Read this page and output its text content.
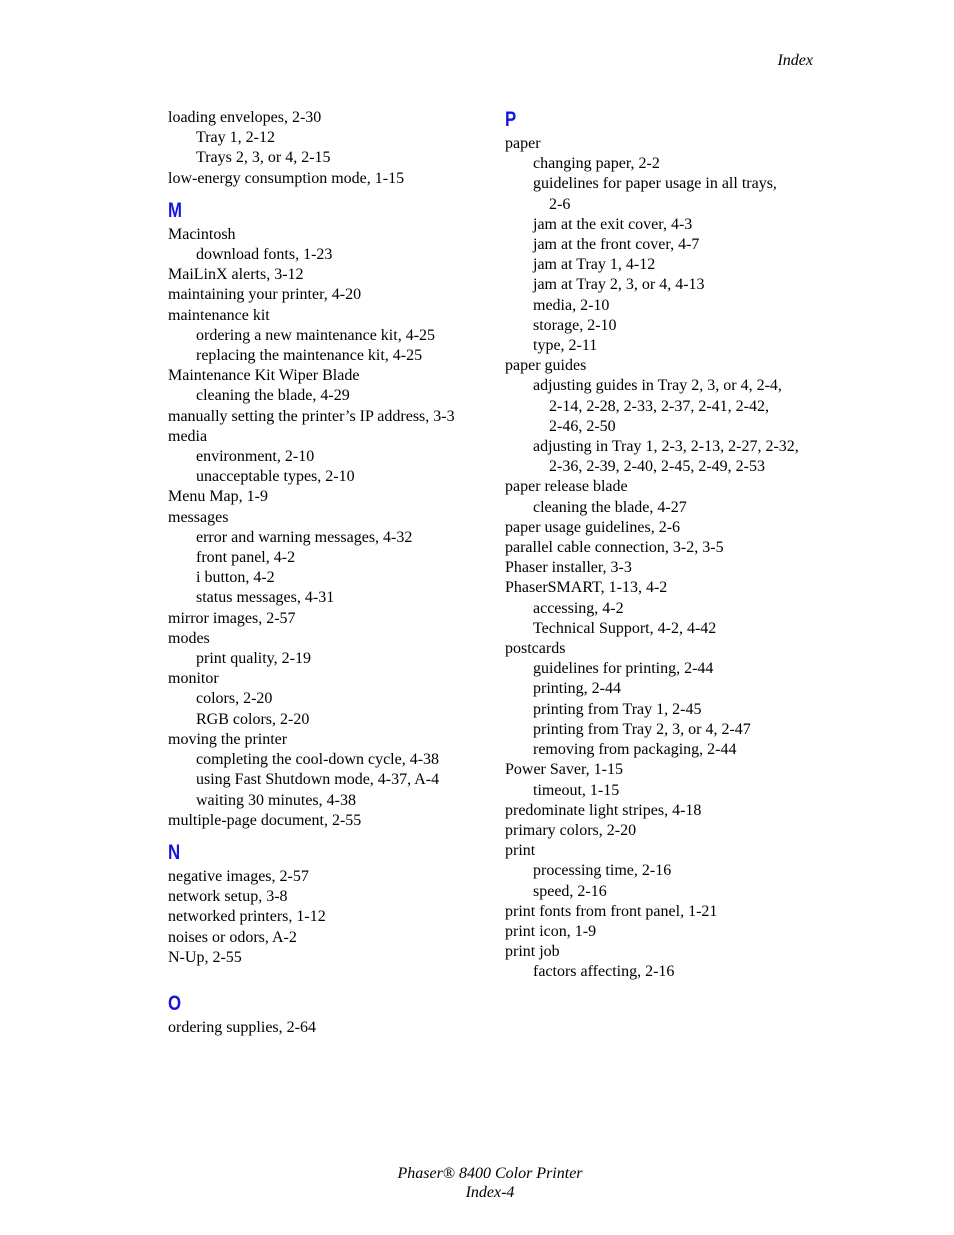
Index
loading envelopes, 2-30
Tray 1, 2-12
Trays 2, 3, or 4, 2-15
low-energy consumption mode, 1-15
M
Macintosh
download fonts, 1-23
MaiLinX alerts, 3-12
maintaining your printer, 4-20
maintenance kit
ordering a new maintenance kit, 4-25
replacing the maintenance kit, 4-25
Maintenance Kit Wiper Blade
cleaning the blade, 4-29
manually setting the printer’s IP address, 3-3
media
environment, 2-10
unacceptable types, 2-10
Menu Map, 1-9
messages
error and warning messages, 4-32
front panel, 4-2
i button, 4-2
status messages, 4-31
mirror images, 2-57
modes
print quality, 2-19
monitor
colors, 2-20
RGB colors, 2-20
moving the printer
completing the cool-down cycle, 4-38
using Fast Shutdown mode, 4-37, A-4
waiting 30 minutes, 4-38
multiple-page document, 2-55
N
negative images, 2-57
network setup, 3-8
networked printers, 1-12
noises or odors, A-2
N-Up, 2-55
O
ordering supplies, 2-64
P
paper
changing paper, 2-2
guidelines for paper usage in all trays,
2-6
jam at the exit cover, 4-3
jam at the front cover, 4-7
jam at Tray 1, 4-12
jam at Tray 2, 3, or 4, 4-13
media, 2-10
storage, 2-10
type, 2-11
paper guides
adjusting guides in Tray 2, 3, or 4, 2-4,
2-14, 2-28, 2-33, 2-37, 2-41, 2-42,
2-46, 2-50
adjusting in Tray 1, 2-3, 2-13, 2-27, 2-32,
2-36, 2-39, 2-40, 2-45, 2-49, 2-53
paper release blade
cleaning the blade, 4-27
paper usage guidelines, 2-6
parallel cable connection, 3-2, 3-5
Phaser installer, 3-3
PhaserSMART, 1-13, 4-2
accessing, 4-2
Technical Support, 4-2, 4-42
postcards
guidelines for printing, 2-44
printing, 2-44
printing from Tray 1, 2-45
printing from Tray 2, 3, or 4, 2-47
removing from packaging, 2-44
Power Saver, 1-15
timeout, 1-15
predominate light stripes, 4-18
primary colors, 2-20
print
processing time, 2-16
speed, 2-16
print fonts from front panel, 1-21
print icon, 1-9
print job
factors affecting, 2-16
Phaser® 8400 Color Printer
Index-4
